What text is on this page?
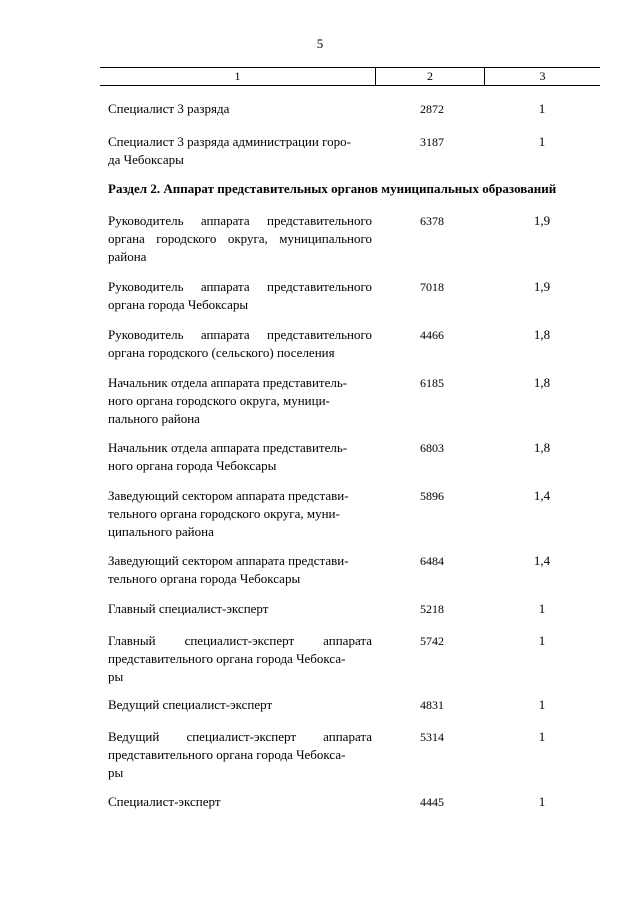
5
1	2	3
Специалист 3 разряда	2872	1
Специалист 3 разряда администрации горо-
да Чебоксары
3187	1
Руководитель аппарата представительного органа городского округа, муниципального района
6378	1,9
Руководитель аппарата представительного органа города Чебоксары
7018	1,9
Руководитель аппарата представительного органа городского (сельского) поселения
4466	1,8
Начальник отдела аппарата представитель-
ного органа городского округа, муници-
пального района
6185	1,8
Начальник отдела аппарата представитель-
ного органа города Чебоксары
6803	1,8
Заведующий сектором аппарата представи-
тельного органа городского округа, муни-
ципального района
5896	1,4
Заведующий сектором аппарата представи-
тельного органа города Чебоксары
6484	1,4
Главный специалист-эксперт	5218	1
Главный специалист-эксперт аппарата представительного органа города Чебокса-
ры
5742	1
Ведущий специалист-эксперт	4831	1
Ведущий специалист-эксперт аппарата представительного органа города Чебокса-
ры
5314	1
Специалист-эксперт	4445	1
Раздел 2. Аппарат представительных органов муниципальных образований
